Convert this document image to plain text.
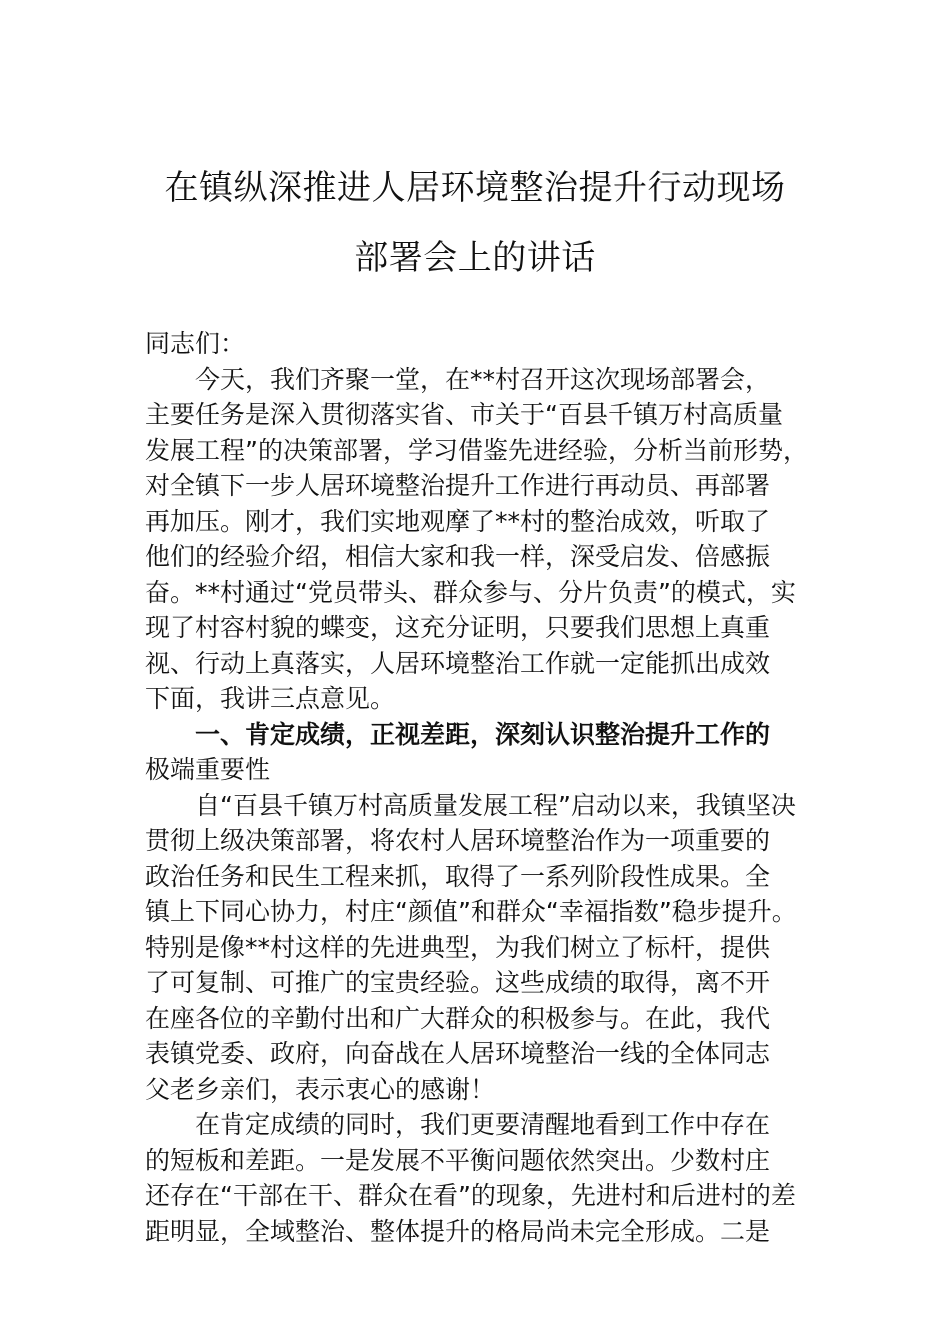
在镇纵深推进人居环境整治提升行动现场
部署会上的讲话
同志们：
今天，我们齐聚一堂，在**村召开这次现场部署会，
主要任务是深入贯彻落实省、市关于“百县千镇万村高质量
发展工程”的决策部署，学习借鉴先进经验，分析当前形势，
对全镇下一步人居环境整治提升工作进行再动员、再部署
再加压。刚才，我们实地观摩了**村的整治成效，听取了
他们的经验介绍，相信大家和我一样，深受启发、倍感振
奋。**村通过“党员带头、群众参与、分片负责”的模式，实
现了村容村貌的蝶变，这充分证明，只要我们思想上真重
视、行动上真落实，人居环境整治工作就一定能抓出成效
下面，我讲三点意见。
一、肯定成绩，正视差距，深刻认识整治提升工作的
极端重要性
自“百县千镇万村高质量发展工程”启动以来，我镇坚决
贯彻上级决策部署，将农村人居环境整治作为一项重要的
政治任务和民生工程来抓，取得了一系列阶段性成果。全
镇上下同心协力，村庄“颜值”和群众“幸福指数”稳步提升。
特别是像**村这样的先进典型，为我们树立了标杆，提供
了可复制、可推广的宝贵经验。这些成绩的取得，离不开
在座各位的辛勤付出和广大群众的积极参与。在此，我代
表镇党委、政府，向奋战在人居环境整治一线的全体同志
父老乡亲们，表示衷心的感谢！
在肯定成绩的同时，我们更要清醒地看到工作中存在
的短板和差距。一是发展不平衡问题依然突出。少数村庄
还存在“干部在干、群众在看”的现象，先进村和后进村的差
距明显，全域整治、整体提升的格局尚未完全形成。二是
